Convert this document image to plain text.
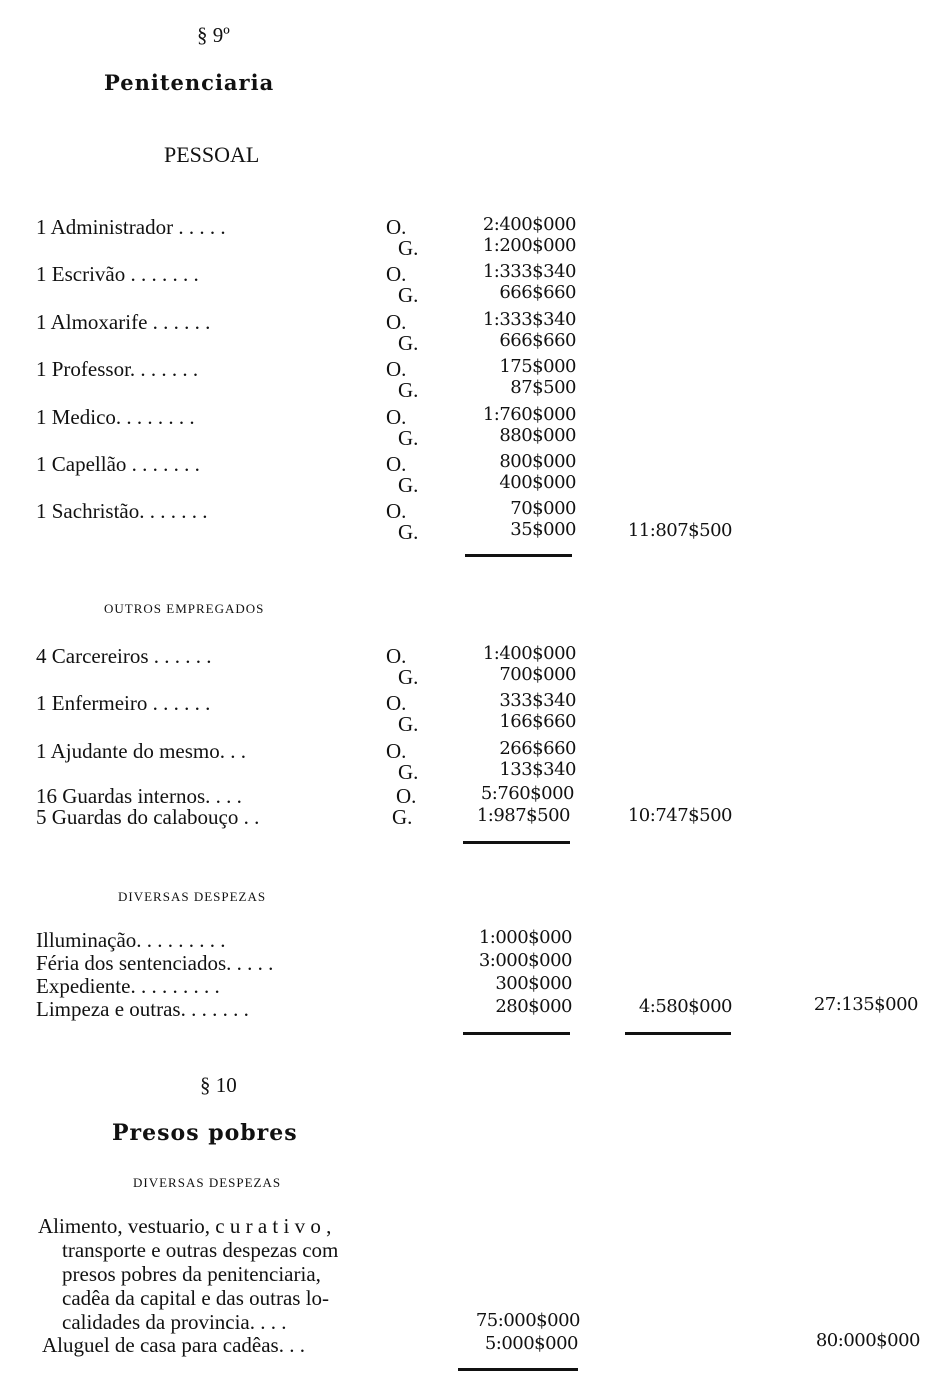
§ 9º
Penitenciaria
PESSOAL
1 Administrador . . . . .	O.	2:400$000
G.	1:200$000
1 Escrivão . . . . . . .	O.	1:333$340
G.	666$660
1 Almoxarife . . . . . .	O.	1:333$340
G.	666$660
1 Professor. . . . . . .	O.	175$000
G.	87$500
1 Medico. . . . . . . .	O.	1:760$000
G.	880$000
1 Capellão . . . . . . .	O.	800$000
G.	400$000
1 Sachristão. . . . . . .	O.	70$000
G.	35$000	11:807$500
OUTROS EMPREGADOS
4 Carcereiros . . . . . .	O.	1:400$000
G.	700$000
1 Enfermeiro . . . . . .	O.	333$340
G.	166$660
1 Ajudante do mesmo. . .	O.	266$660
G.	133$340
16 Guardas internos. . . .	O.	5:760$000
5 Guardas do calabouço . .	G.	1:987$500	10:747$500
DIVERSAS DESPEZAS
Illuminação. . . . . . . . .	1:000$000
Féria dos sentenciados. . . . .	3:000$000
Expediente. . . . . . . . .	300$000
Limpeza e outras. . . . . . .	280$000	4:580$000	27:135$000
§ 10
Presos pobres
DIVERSAS DESPEZAS
Alimento, vestuario, c u r a t i v o ,
transporte e outras despezas com
presos pobres da penitenciaria,
cadêa da capital e das outras lo-
calidades da provincia. . . .	75:000$000
Aluguel de casa para cadêas. . .	5:000$000	80:000$000
